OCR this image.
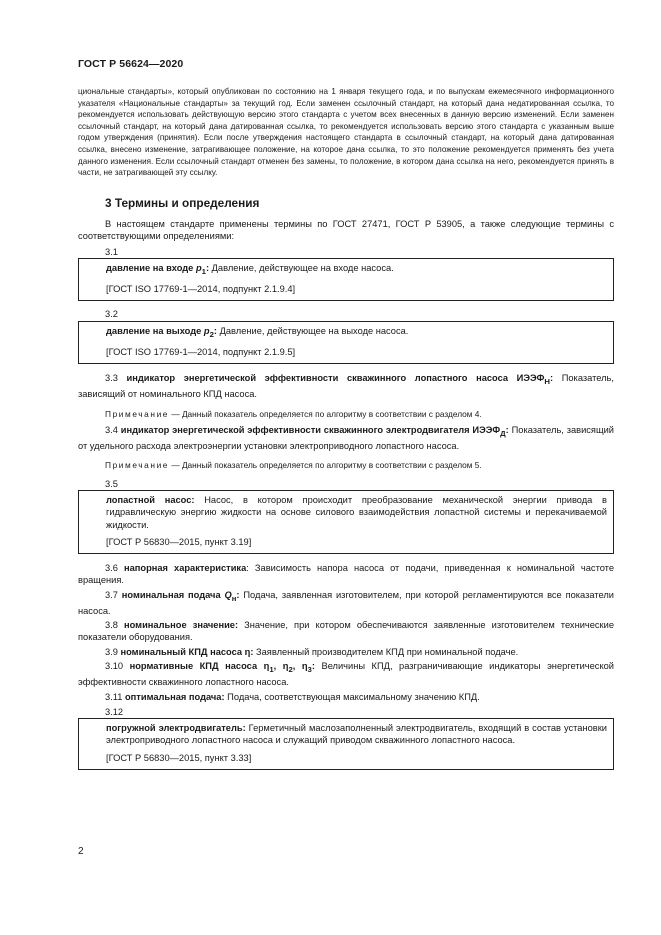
ГОСТ Р 56624—2020

циональные стандарты», который опубликован по состоянию на 1 января текущего года, и по выпускам ежемесячного информационного указателя «Национальные стандарты» за текущий год. Если заменен ссылочный стандарт, на который дана недатированная ссылка, то рекомендуется использовать действующую версию этого стандарта с учетом всех внесенных в данную версию изменений. Если заменен ссылочный стандарт, на который дана датированная ссылка, то рекомендуется использовать версию этого стандарта с указанным выше годом утверждения (принятия). Если после утверждения настоящего стандарта в ссылочный стандарт, на который дана датированная ссылка, внесено изменение, затрагивающее положение, на которое дана ссылка, то это положение рекомендуется применять без учета данного изменения. Если ссылочный стандарт отменен без замены, то положение, в котором дана ссылка на него, рекомендуется принять в части, не затрагивающей эту ссылку.

3 Термины и определения

В настоящем стандарте применены термины по ГОСТ 27471, ГОСТ Р 53905, а также следующие термины с соответствующими определениями:

3.1

давление на входе $p_1$: Давление, действующее на входе насоса.

[ГОСТ ISO 17769-1—2014, подпункт 2.1.9.4]

3.2

давление на выходе $p_2$: Давление, действующее на выходе насоса.

[ГОСТ ISO 17769-1—2014, подпункт 2.1.9.5]

3.3 индикатор энергетической эффективности скважинного лопастного насоса $ИЭЭФ_Н$: Показатель, зависящий от номинального КПД насоса.

Примечание — Данный показатель определяется по алгоритму в соответствии с разделом 4.

3.4 индикатор энергетической эффективности скважинного электродвигателя $ИЭЭФ_Д$: Показатель, зависящий от удельного расхода электроэнергии установки электроприводного лопастного насоса.

Примечание — Данный показатель определяется по алгоритму в соответствии с разделом 5.

3.5

лопастной насос: Насос, в котором происходит преобразование механической энергии привода в гидравлическую энергию жидкости на основе силового взаимодействия лопастной системы и перекачиваемой жидкости.

[ГОСТ Р 56830—2015, пункт 3.19]

3.6 напорная характеристика: Зависимость напора насоса от подачи, приведенная к номинальной частоте вращения.

3.7 номинальная подача $Q_н$: Подача, заявленная изготовителем, при которой регламентируются все показатели насоса.

3.8 номинальное значение: Значение, при котором обеспечиваются заявленные изготовителем технические показатели оборудования.

3.9 номинальный КПД насоса η: Заявленный производителем КПД при номинальной подаче.

3.10 нормативные КПД насоса $\eta_1$, $\eta_2$, $\eta_3$: Величины КПД, разграничивающие индикаторы энергетической эффективности скважинного лопастного насоса.

3.11 оптимальная подача: Подача, соответствующая максимальному значению КПД.

3.12

погружной электродвигатель: Герметичный маслозаполненный электродвигатель, входящий в состав установки электроприводного лопастного насоса и служащий приводом скважинного лопастного насоса.

[ГОСТ Р 56830—2015, пункт 3.33]

2
